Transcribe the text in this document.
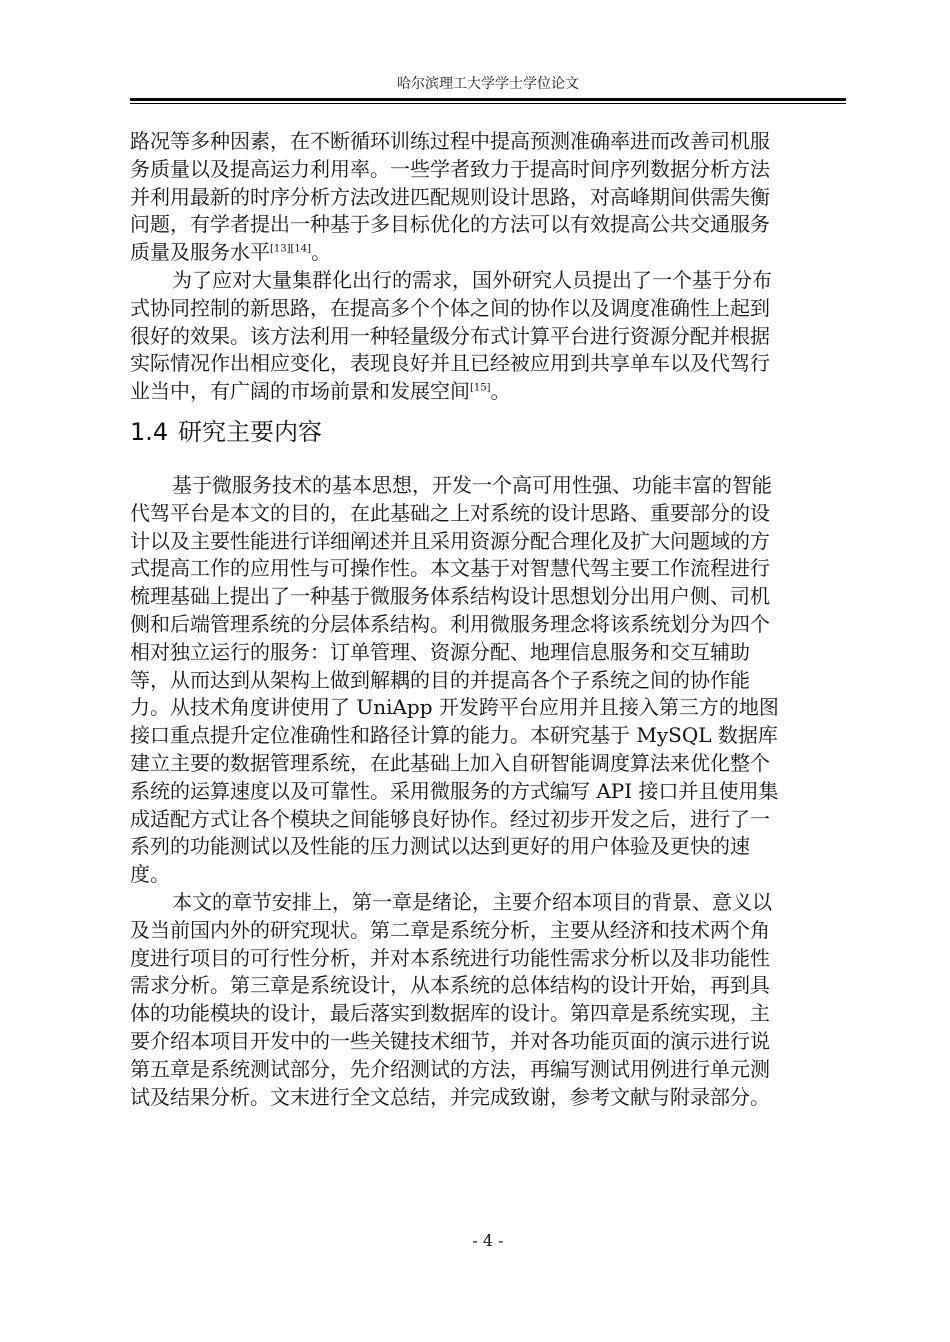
哈尔滨理工大学学士学位论文
路况等多种因素，在不断循环训练过程中提高预测准确率进而改善司机服
务质量以及提高运力利用率。一些学者致力于提高时间序列数据分析方法
并利用最新的时序分析方法改进匹配规则设计思路，对高峰期间供需失衡
问题，有学者提出一种基于多目标优化的方法可以有效提高公共交通服务
质量及服务水平[13][14]。
为了应对大量集群化出行的需求，国外研究人员提出了一个基于分布
式协同控制的新思路，在提高多个个体之间的协作以及调度准确性上起到
很好的效果。该方法利用一种轻量级分布式计算平台进行资源分配并根据
实际情况作出相应变化，表现良好并且已经被应用到共享单车以及代驾行
业当中，有广阔的市场前景和发展空间[15]。
1.4 研究主要内容
基于微服务技术的基本思想，开发一个高可用性强、功能丰富的智能
代驾平台是本文的目的，在此基础之上对系统的设计思路、重要部分的设
计以及主要性能进行详细阐述并且采用资源分配合理化及扩大问题域的方
式提高工作的应用性与可操作性。本文基于对智慧代驾主要工作流程进行
梳理基础上提出了一种基于微服务体系结构设计思想划分出用户侧、司机
侧和后端管理系统的分层体系结构。利用微服务理念将该系统划分为四个
相对独立运行的服务：订单管理、资源分配、地理信息服务和交互辅助
等，从而达到从架构上做到解耦的目的并提高各个子系统之间的协作能
力。从技术角度讲使用了 UniApp 开发跨平台应用并且接入第三方的地图
接口重点提升定位准确性和路径计算的能力。本研究基于 MySQL 数据库
建立主要的数据管理系统，在此基础上加入自研智能调度算法来优化整个
系统的运算速度以及可靠性。采用微服务的方式编写 API 接口并且使用集
成适配方式让各个模块之间能够良好协作。经过初步开发之后，进行了一
系列的功能测试以及性能的压力测试以达到更好的用户体验及更快的速
度。
本文的章节安排上，第一章是绪论，主要介绍本项目的背景、意义以
及当前国内外的研究现状。第二章是系统分析，主要从经济和技术两个角
度进行项目的可行性分析，并对本系统进行功能性需求分析以及非功能性
需求分析。第三章是系统设计，从本系统的总体结构的设计开始，再到具
体的功能模块的设计，最后落实到数据库的设计。第四章是系统实现，主
要介绍本项目开发中的一些关键技术细节，并对各功能页面的演示进行说
第五章是系统测试部分，先介绍测试的方法，再编写测试用例进行单元测
试及结果分析。文末进行全文总结，并完成致谢，参考文献与附录部分。
- 4 -
